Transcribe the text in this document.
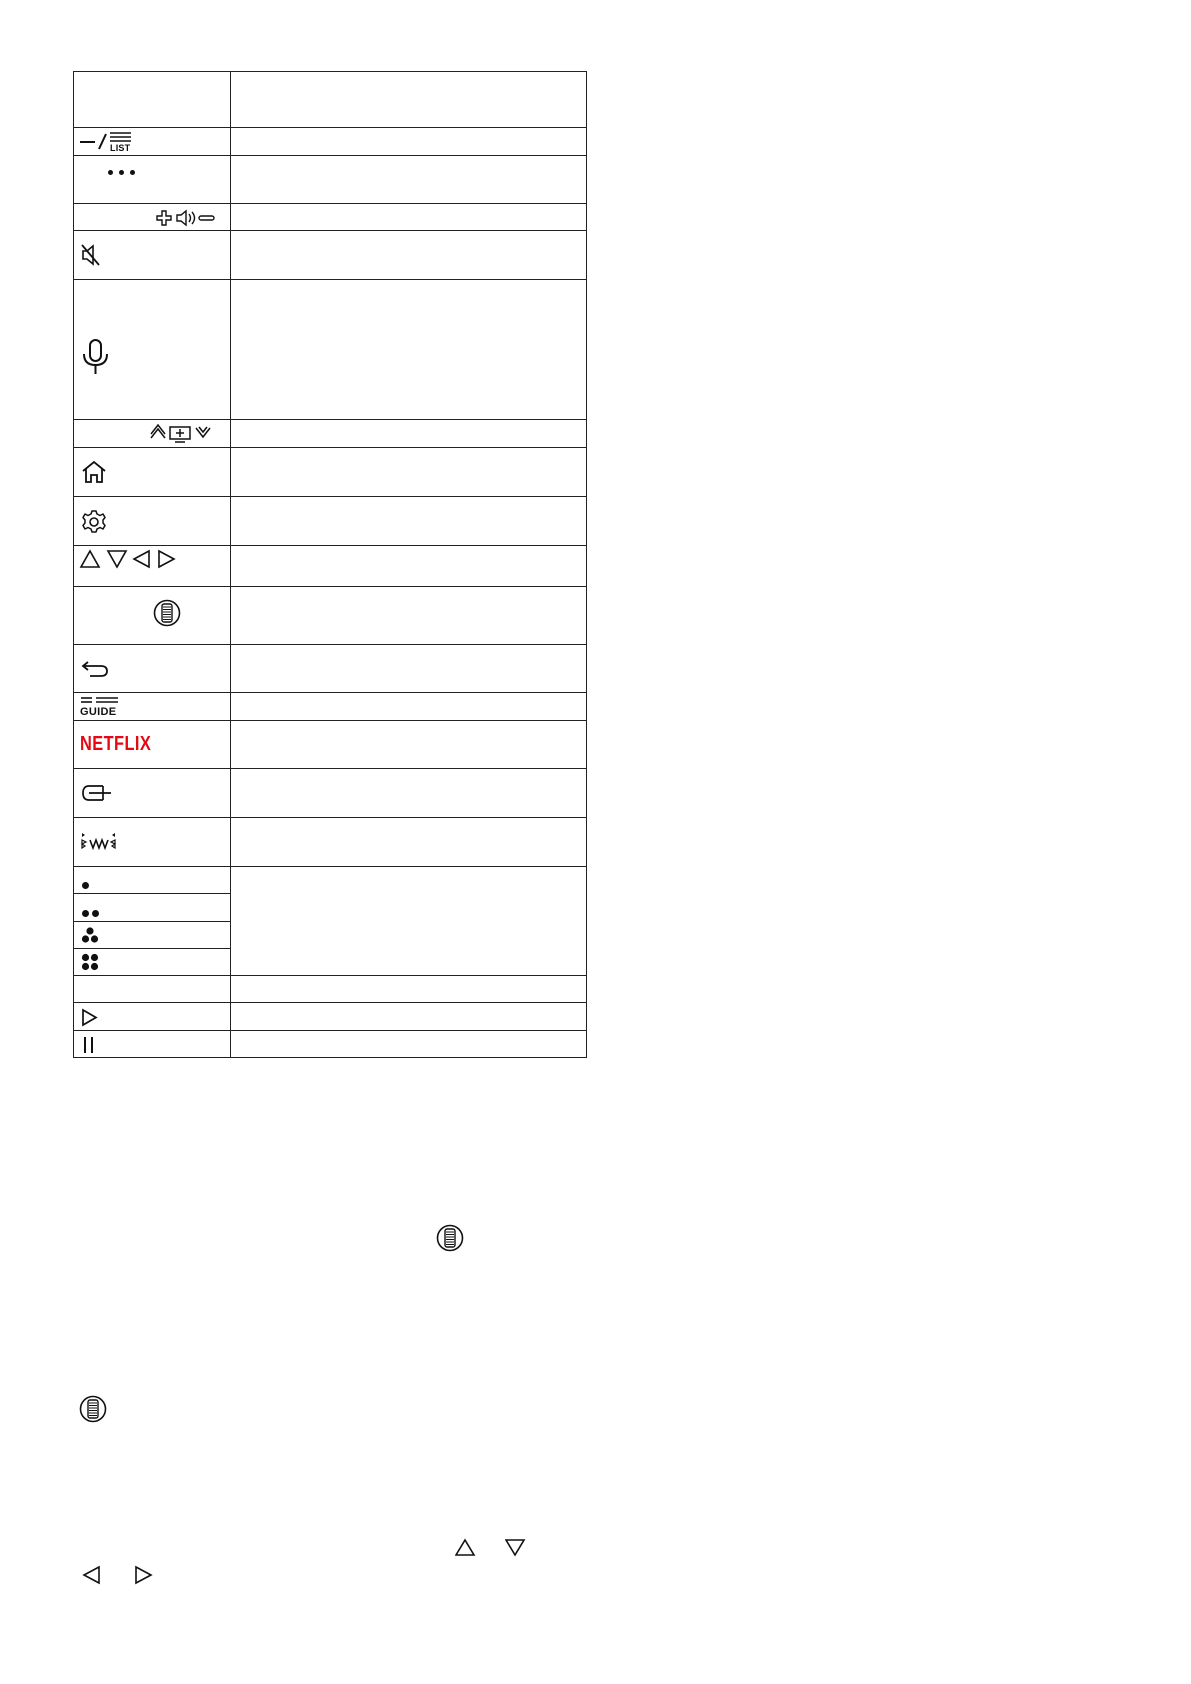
LIST	

GUIDE	

NETFLIX	
